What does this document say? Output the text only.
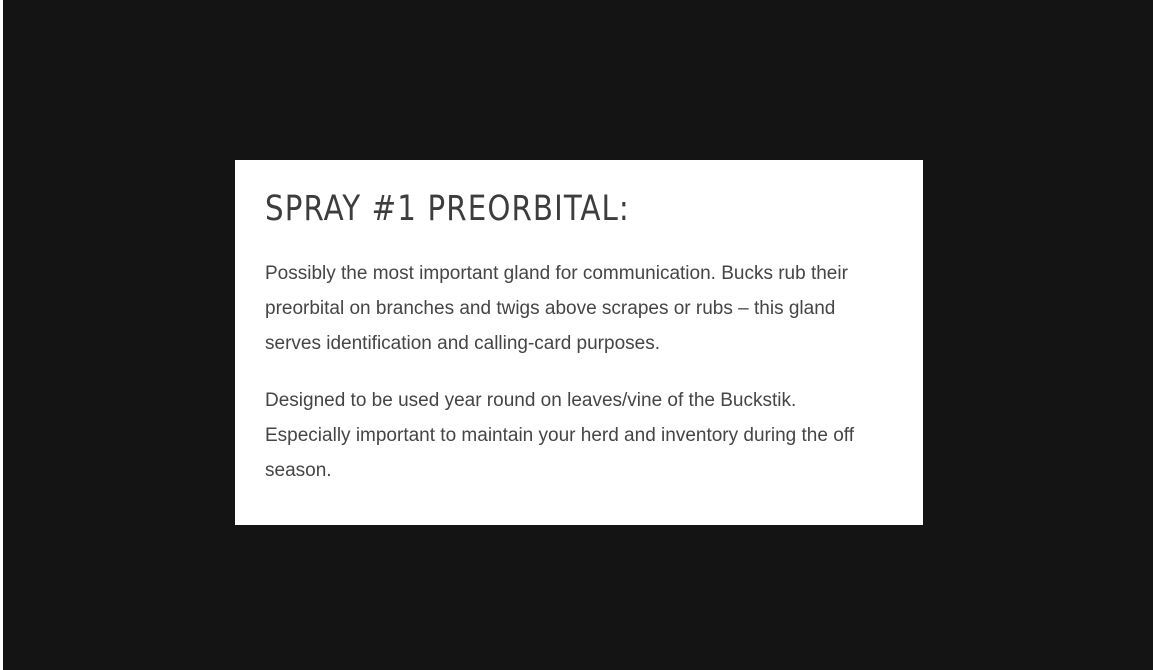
SPRAY #1 PREORBITAL:

Possibly the most important gland for communication. Bucks rub their preorbital on branches and twigs above scrapes or rubs – this gland serves identification and calling-card purposes.

Designed to be used year round on leaves/vine of the Buckstik. Especially important to maintain your herd and inventory during the off season.
